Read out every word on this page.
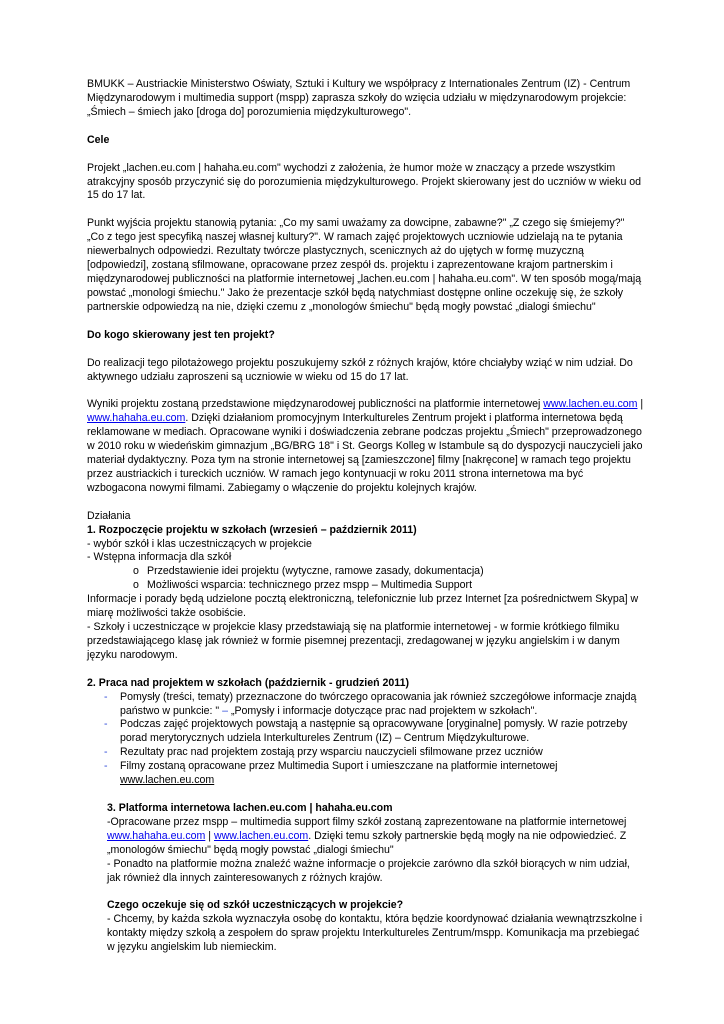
BMUKK – Austriackie Ministerstwo Oświaty, Sztuki i Kultury we współpracy z Internationales Zentrum (IZ) - Centrum Międzynarodowym i multimedia support (mspp) zaprasza szkoły do wzięcia udziału w międzynarodowym projekcie: „Śmiech – śmiech jako [droga do] porozumienia międzykulturowego".

Cele

Projekt „lachen.eu.com | hahaha.eu.com" wychodzi z założenia, że humor może w znaczący a przede wszystkim atrakcyjny sposób przyczynić się do porozumienia międzykulturowego. Projekt skierowany jest do uczniów w wieku od 15 do 17 lat.

Punkt wyjścia projektu stanowią pytania: „Co my sami uważamy za dowcipne, zabawne?" „Z czego się śmiejemy?" „Co z tego jest specyfiką naszej własnej kultury?". W ramach zajęć projektowych uczniowie udzielają na te pytania niewerbalnych odpowiedzi. Rezultaty twórcze plastycznych, scenicznych aż do ujętych w formę muzyczną [odpowiedzi], zostaną sfilmowane, opracowane przez zespół ds. projektu i zaprezentowane krajom partnerskim i międzynarodowej publiczności na platformie internetowej „lachen.eu.com | hahaha.eu.com". W ten sposób mogą/mają powstać „monologi śmiechu." Jako że prezentacje szkół będą natychmiast dostępne online oczekuję się, że szkoły partnerskie odpowiedzą na nie, dzięki czemu z „monologów śmiechu" będą mogły powstać „dialogi śmiechu"

Do kogo skierowany jest ten projekt?

Do realizacji tego pilotażowego projektu poszukujemy szkół z różnych krajów, które chciałyby wziąć w nim udział. Do aktywnego udziału zaproszeni są uczniowie w wieku od 15 do 17 lat.

Wyniki projektu zostaną przedstawione międzynarodowej publiczności na platformie internetowej www.lachen.eu.com | www.hahaha.eu.com. Dzięki działaniom promocyjnym Interkultureles Zentrum projekt i platforma internetowa będą reklamowane w mediach. Opracowane wyniki i doświadczenia zebrane podczas projektu „Śmiech" przeprowadzonego w 2010 roku w wiedeńskim gimnazjum „BG/BRG 18" i St. Georgs Kolleg w Istambule są do dyspozycji nauczycieli jako materiał dydaktyczny. Poza tym na stronie internetowej są [zamieszczone] filmy [nakręcone] w ramach tego projektu przez austriackich i tureckich uczniów. W ramach jego kontynuacji w roku 2011 strona internetowa ma być wzbogacona nowymi filmami. Zabiegamy o włączenie do projektu kolejnych krajów.

Działania

1. Rozpoczęcie projektu w szkołach (wrzesień – październik 2011)

- wybór szkół i klas uczestniczących w projekcie

- Wstępna informacja dla szkół

o Przedstawienie idei projektu (wytyczne, ramowe zasady, dokumentacja)
o Możliwości wsparcia: technicznego przez mspp – Multimedia Support

Informacje i porady będą udzielone pocztą elektroniczną, telefonicznie lub przez Internet [za pośrednictwem Skypa] w miarę możliwości także osobiście.

- Szkoły i uczestniczące w projekcie klasy przedstawiają się na platformie internetowej - w formie krótkiego filmiku przedstawiającego klasę jak również w formie pisemnej prezentacji, zredagowanej w języku angielskim i w danym języku narodowym.

2. Praca nad projektem w szkołach (październik - grudzień 2011)

-	Pomysły (treści, tematy) przeznaczone do twórczego opracowania jak również szczegółowe informacje znajdą państwo w punkcie: " – „Pomysły i informacje dotyczące prac nad projektem w szkołach".
-	Podczas zajęć projektowych powstają a następnie są opracowywane [oryginalne] pomysły. W razie potrzeby porad merytorycznych udziela Interkultureles Zentrum (IZ) – Centrum Międzykulturowe.
-	Rezultaty prac nad projektem zostają przy wsparciu nauczycieli sfilmowane przez uczniów
-	Filmy zostaną opracowane przez Multimedia Suport i umieszczane na platformie internetowej www.lachen.eu.com

3. Platforma internetowa lachen.eu.com | hahaha.eu.com

-Opracowane przez mspp – multimedia support filmy szkół zostaną zaprezentowane na platformie internetowej www.hahaha.eu.com | www.lachen.eu.com. Dzięki temu szkoły partnerskie będą mogły na nie odpowiedzieć. Z „monologów śmiechu" będą mogły powstać „dialogi śmiechu"

- Ponadto na platformie można znaleźć ważne informacje o projekcie zarówno dla szkół biorących w nim udział, jak również dla innych zainteresowanych z różnych krajów.

Czego oczekuje się od szkół uczestniczących w projekcie?

- Chcemy, by każda szkoła wyznaczyła osobę do kontaktu, która będzie koordynować działania wewnątrzszkolne i kontakty między szkołą a zespołem do spraw projektu Interkultureles Zentrum/mspp. Komunikacja ma przebiegać w języku angielskim lub niemieckim.
